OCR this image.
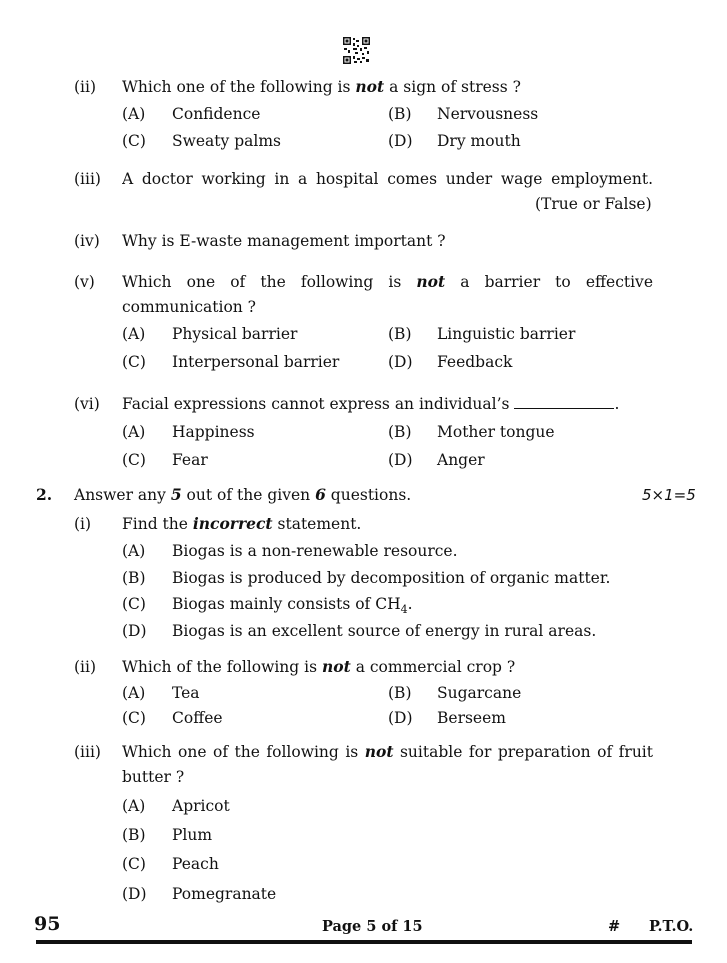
(ii) Which one of the following is not a sign of stress ?
(A) Confidence	(B) Nervousness
(C) Sweaty palms	(D) Dry mouth
(iii) A doctor working in a hospital comes under wage employment.
(True or False)
(iv) Why is E-waste management important ?
(v) Which one of the following is not a barrier to effective
communication ?
(A) Physical barrier	(B) Linguistic barrier
(C) Interpersonal barrier	(D) Feedback
(vi) Facial expressions cannot express an individual’s	.
(A) Happiness	(B) Mother tongue
(C) Fear	(D) Anger
2. Answer any 5 out of the given 6 questions.	5×1=5
(i) Find the incorrect statement.
(A) Biogas is a non-renewable resource.
(B) Biogas is produced by decomposition of organic matter.
(C) Biogas mainly consists of $CH_4$.
(D) Biogas is an excellent source of energy in rural areas.
(ii) Which of the following is not a commercial crop ?
(A) Tea	(B) Sugarcane
(C) Coffee	(D) Berseem
(iii) Which one of the following is not suitable for preparation of fruit
butter ?
(A) Apricot
(B) Plum
(C) Peach
(D) Pomegranate
95	Page 5 of 15	# P.T.O.
